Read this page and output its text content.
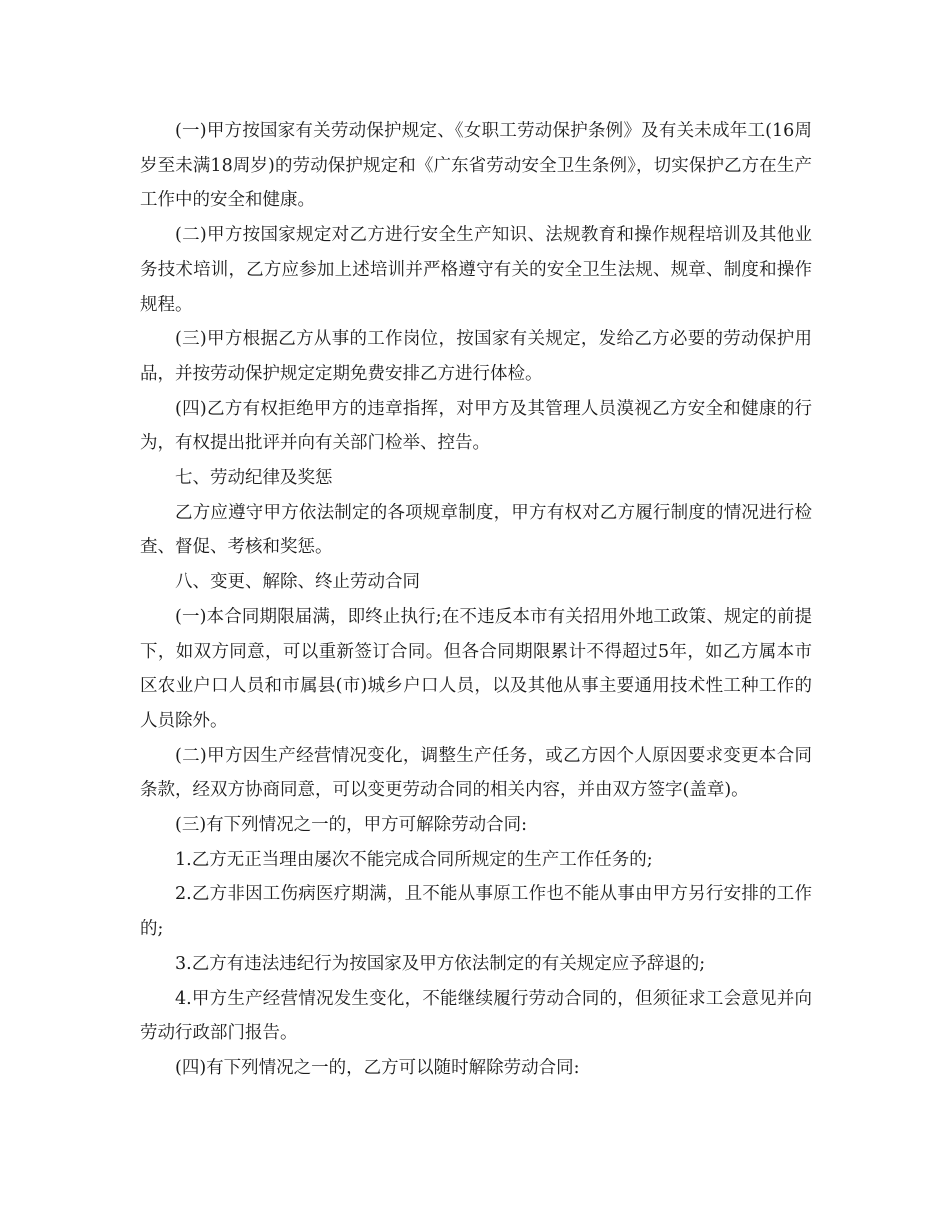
(一)甲方按国家有关劳动保护规定、《女职工劳动保护条例》及有关未成年工(16周岁至未满18周岁)的劳动保护规定和《广东省劳动安全卫生条例》，切实保护乙方在生产工作中的安全和健康。

(二)甲方按国家规定对乙方进行安全生产知识、法规教育和操作规程培训及其他业务技术培训，乙方应参加上述培训并严格遵守有关的安全卫生法规、规章、制度和操作规程。

(三)甲方根据乙方从事的工作岗位，按国家有关规定，发给乙方必要的劳动保护用品，并按劳动保护规定定期免费安排乙方进行体检。

(四)乙方有权拒绝甲方的违章指挥，对甲方及其管理人员漠视乙方安全和健康的行为，有权提出批评并向有关部门检举、控告。

七、劳动纪律及奖惩

乙方应遵守甲方依法制定的各项规章制度，甲方有权对乙方履行制度的情况进行检查、督促、考核和奖惩。

八、变更、解除、终止劳动合同

(一)本合同期限届满，即终止执行;在不违反本市有关招用外地工政策、规定的前提下，如双方同意，可以重新签订合同。但各合同期限累计不得超过5年，如乙方属本市区农业户口人员和市属县(市)城乡户口人员，以及其他从事主要通用技术性工种工作的人员除外。

(二)甲方因生产经营情况变化，调整生产任务，或乙方因个人原因要求变更本合同条款，经双方协商同意，可以变更劳动合同的相关内容，并由双方签字(盖章)。

(三)有下列情况之一的，甲方可解除劳动合同:

1.乙方无正当理由屡次不能完成合同所规定的生产工作任务的;

2.乙方非因工伤病医疗期满，且不能从事原工作也不能从事由甲方另行安排的工作的;

3.乙方有违法违纪行为按国家及甲方依法制定的有关规定应予辞退的;

4.甲方生产经营情况发生变化，不能继续履行劳动合同的，但须征求工会意见并向劳动行政部门报告。

(四)有下列情况之一的，乙方可以随时解除劳动合同:
